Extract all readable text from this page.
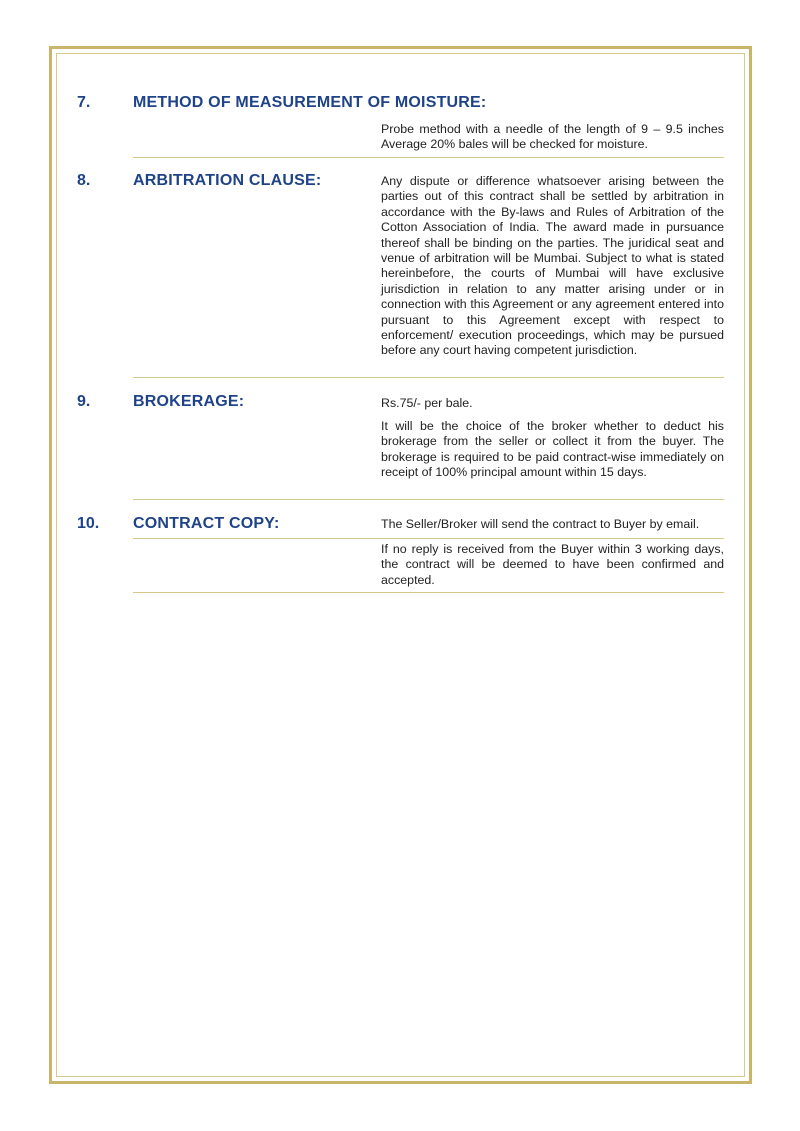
7.	METHOD OF MEASUREMENT OF MOISTURE:
Probe method with a needle of the length of 9 – 9.5 inches Average 20% bales will be checked for moisture.
8.	ARBITRATION CLAUSE:	Any dispute or difference whatsoever arising between the parties out of this contract shall be settled by arbitration in accordance with the By-laws and Rules of Arbitration of the Cotton Association of India. The award made in pursuance thereof shall be binding on the parties. The juridical seat and venue of arbitration will be Mumbai. Subject to what is stated hereinbefore, the courts of Mumbai will have exclusive jurisdiction in relation to any matter arising under or in connection with this Agreement or any agreement entered into pursuant to this Agreement except with respect to enforcement/ execution proceedings, which may be pursued before any court having competent jurisdiction.
9.	BROKERAGE:	Rs.75/- per bale.
It will be the choice of the broker whether to deduct his brokerage from the seller or collect it from the buyer. The brokerage is required to be paid contract-wise immediately on receipt of 100% principal amount within 15 days.
10. CONTRACT COPY:	The Seller/Broker will send the contract to Buyer by email.
If no reply is received from the Buyer within 3 working days, the contract will be deemed to have been confirmed and accepted.
